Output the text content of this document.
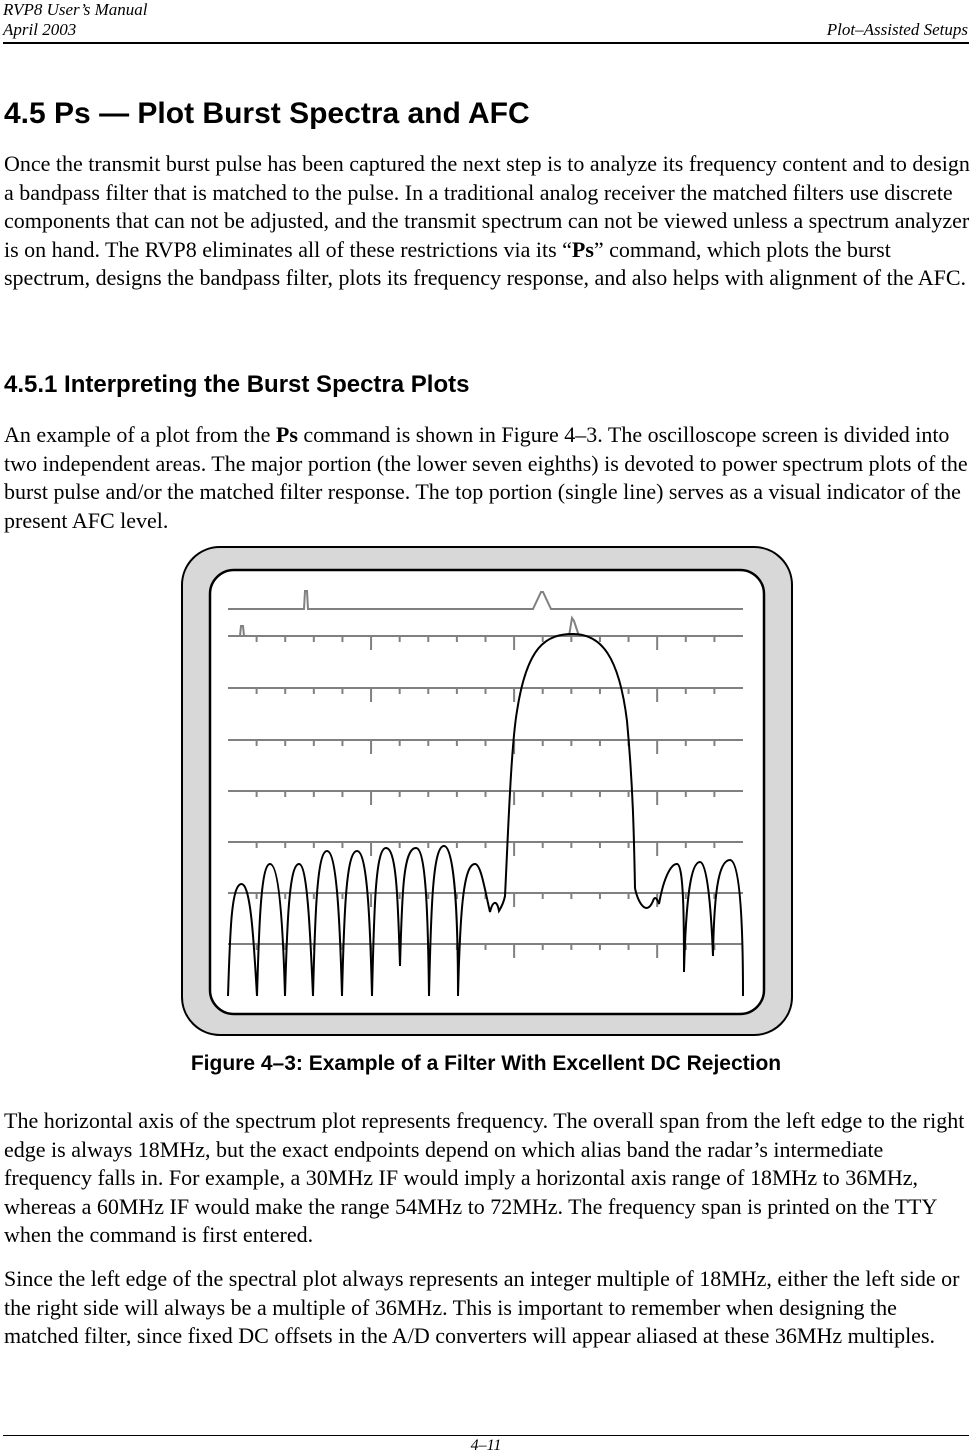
RVP8 User’s Manual
April 2003	Plot–Assisted Setups
4.5 Ps — Plot Burst Spectra and AFC

Once the transmit burst pulse has been captured the next step is to analyze its frequency content and to design a bandpass filter that is matched to the pulse. In a traditional analog receiver the matched filters use discrete components that can not be adjusted, and the transmit spectrum can not be viewed unless a spectrum analyzer is on hand. The RVP8 eliminates all of these restrictions via its “Ps” command, which plots the burst spectrum, designs the bandpass filter, plots its frequency response, and also helps with alignment of the AFC.

4.5.1 Interpreting the Burst Spectra Plots

An example of a plot from the Ps command is shown in Figure 4–3. The oscilloscope screen is divided into two independent areas. The major portion (the lower seven eighths) is devoted to power spectrum plots of the burst pulse and/or the matched filter response. The top portion (single line) serves as a visual indicator of the present AFC level.

Figure 4–3: Example of a Filter With Excellent DC Rejection

The horizontal axis of the spectrum plot represents frequency. The overall span from the left edge to the right edge is always 18MHz, but the exact endpoints depend on which alias band the radar’s intermediate frequency falls in. For example, a 30MHz IF would imply a horizontal axis range of 18MHz to 36MHz, whereas a 60MHz IF would make the range 54MHz to 72MHz. The frequency span is printed on the TTY when the command is first entered.

Since the left edge of the spectral plot always represents an integer multiple of 18MHz, either the left side or the right side will always be a multiple of 36MHz. This is important to remember when designing the matched filter, since fixed DC offsets in the A/D converters will appear aliased at these 36MHz multiples.

4–11
